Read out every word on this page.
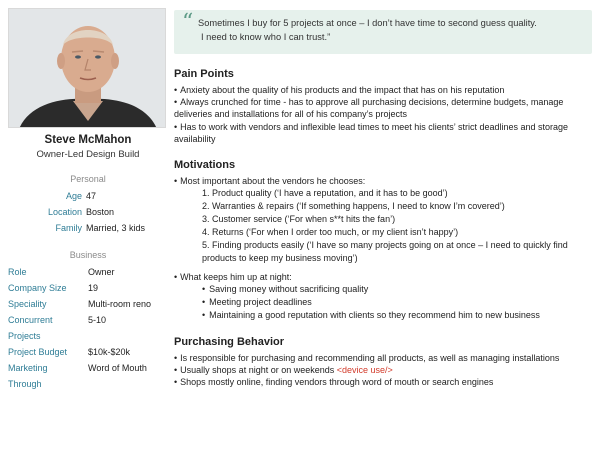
Steve McMahon
Owner-Led Design Build
Personal
Age 47
Location Boston
Family Married, 3 kids
Business
Role	Owner
Company Size	19
Speciality	Multi-room reno
Concurrent	5-10
Projects
Project Budget	$10k-$20k
Marketing	Word of Mouth
Through
“ Sometimes I buy for 5 projects at once – I don’t have time to second guess quality.

I need to know who I can trust.”

Pain Points
• Anxiety about the quality of his products and the impact that has on his reputation
• Always crunched for time - has to approve all purchasing decisions, determine budgets, manage deliveries and installations for all of his company’s projects
• Has to work with vendors and inflexible lead times to meet his clients’ strict deadlines and storage availability
Motivations
• Most important about the vendors he chooses:
1. Product quality (‘I have a reputation, and it has to be good’)
2. Warranties & repairs (‘If something happens, I need to know I’m covered’)
3. Customer service (‘For when s**t hits the fan’)
4. Returns (‘For when I order too much, or my client isn’t happy’)
5. Finding products easily (‘I have so many projects going on at once – I need to quickly find products to keep my business moving’)
• What keeps him up at night:
• Saving money without sacrificing quality
• Meeting project deadlines
• Maintaining a good reputation with clients so they recommend him to new business
Purchasing Behavior
• Is responsible for purchasing and recommending all products, as well as managing installations
• Usually shops at night or on weekends <device use/>
• Shops mostly online, finding vendors through word of mouth or search engines
